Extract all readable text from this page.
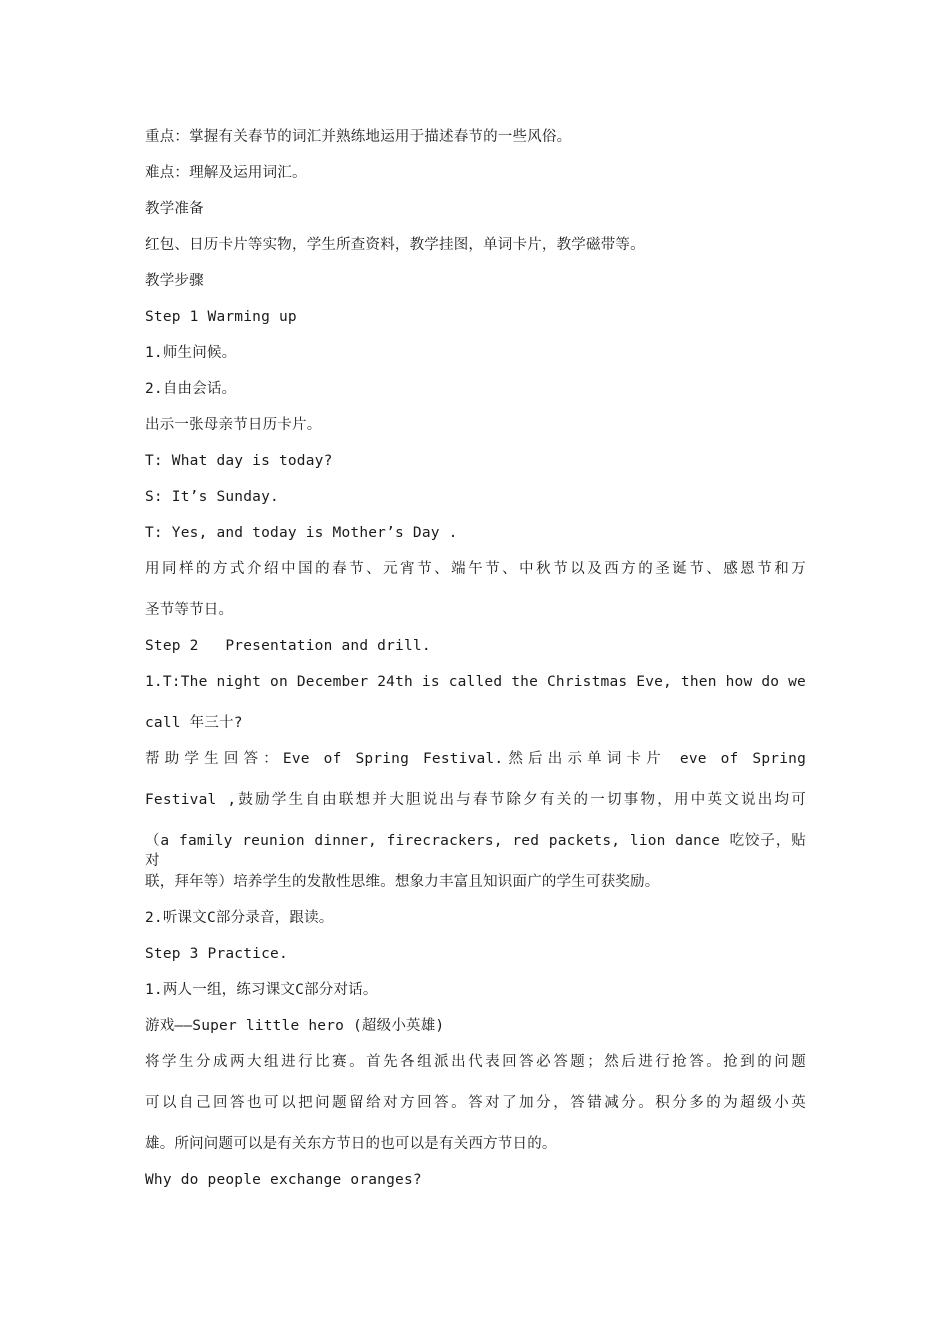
重点：掌握有关春节的词汇并熟练地运用于描述春节的一些风俗。
难点：理解及运用词汇。
教学准备
红包、日历卡片等实物，学生所查资料，教学挂图，单词卡片，教学磁带等。
教学步骤
Step 1 Warming up
1.师生问候。
2.自由会话。
出示一张母亲节日历卡片。
T: What day is today?
S: It’s Sunday.
T: Yes, and today is Mother’s Day .
用同样的方式介绍中国的春节、元宵节、端午节、中秋节以及西方的圣诞节、感恩节和万
圣节等节日。
Step 2   Presentation and drill.
1.T:The night on December 24th is called the Christmas Eve, then how do we
call 年三十?
帮助学生回答：Eve of Spring Festival.然后出示单词卡片 eve of Spring
Festival ,鼓励学生自由联想并大胆说出与春节除夕有关的一切事物，用中英文说出均可
（a family reunion dinner, firecrackers, red packets, lion dance 吃饺子，贴对
联，拜年等）培养学生的发散性思维。想象力丰富且知识面广的学生可获奖励。
2.听课文C部分录音，跟读。
Step 3 Practice.
1.两人一组，练习课文C部分对话。
游戏——Super little hero (超级小英雄)
将学生分成两大组进行比赛。首先各组派出代表回答必答题；然后进行抢答。抢到的问题
可以自己回答也可以把问题留给对方回答。答对了加分，答错减分。积分多的为超级小英
雄。所问问题可以是有关东方节日的也可以是有关西方节日的。
Why do people exchange oranges?
